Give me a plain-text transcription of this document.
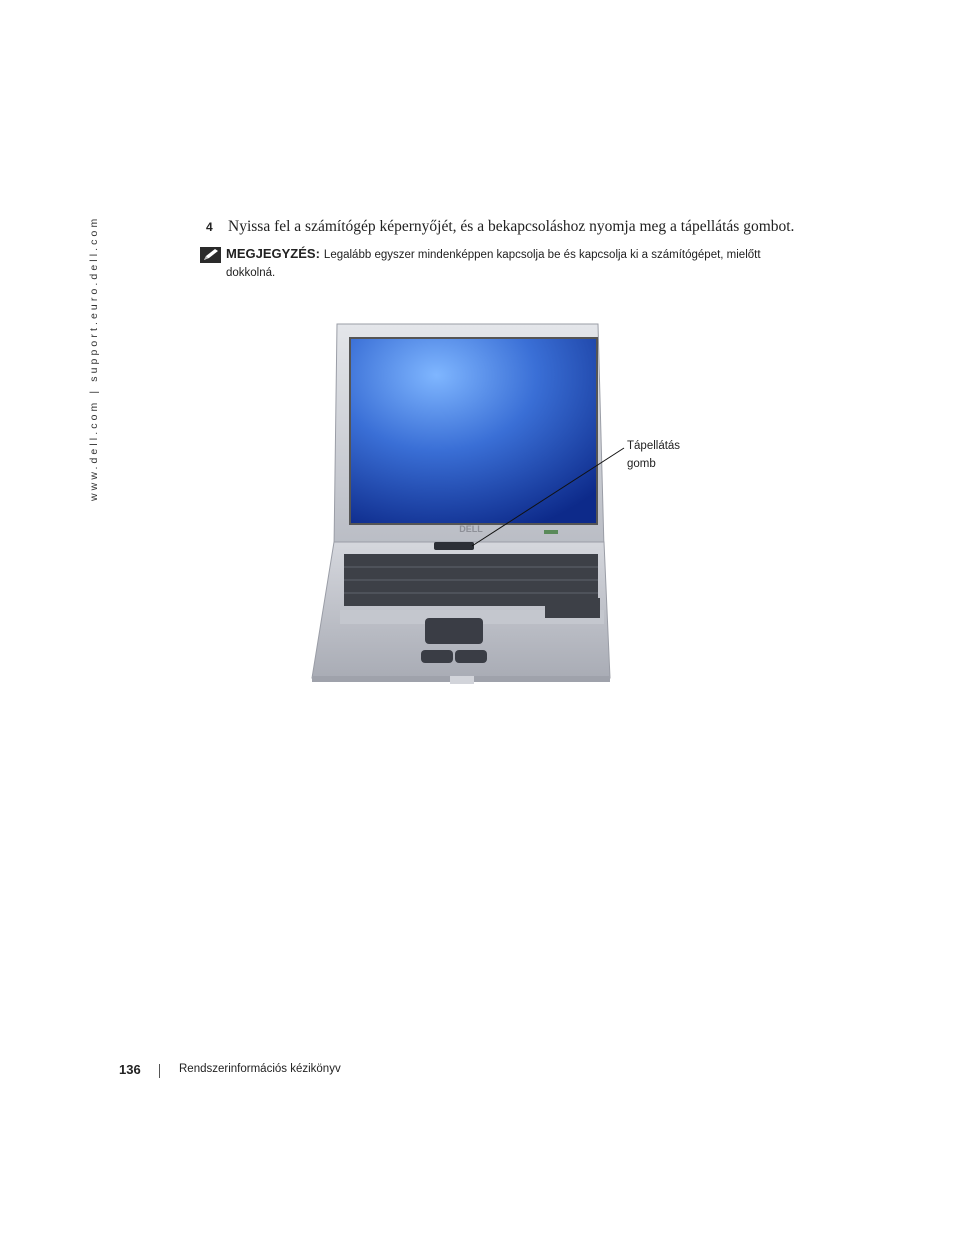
www.dell.com | support.euro.dell.com	4 Nyissa fel a számítógép képernyőjét, és a bekapcsoláshoz nyomja meg a tápellátás gombot.
MEGJEGYZÉS: Legalább egyszer mindenképpen kapcsolja be és kapcsolja ki a számítógépet, mielőtt dokkolná.
DELL
Tápellátás
gomb
136	Rendszerinformációs kézikönyv
